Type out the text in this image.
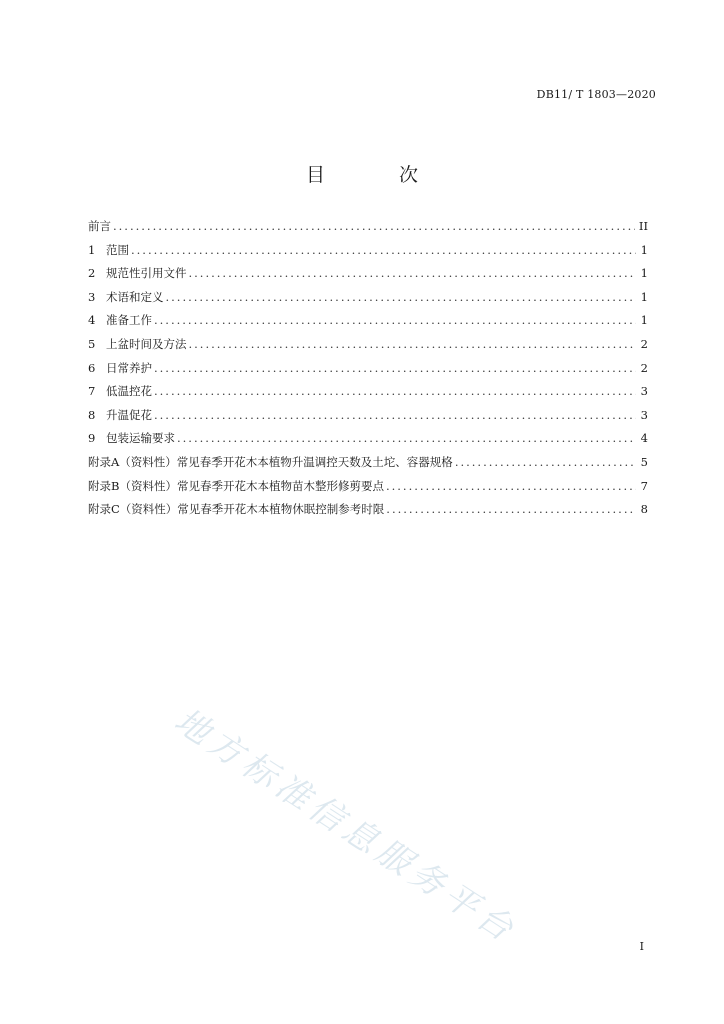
DB11/ T 1803—2020
目 次
前言 .....	II
1 范围 .....	1
2 规范性引用文件 .....	1
3 术语和定义 .....	1
4 准备工作 .....	1
5 上盆时间及方法 .....	2
6 日常养护 .....	2
7 低温控花 .....	3
8 升温促花 .....	3
9 包装运输要求 .....	4
附录A（资料性）常见春季开花木本植物升温调控天数及土坨、容器规格 .....	5
附录B（资料性）常见春季开花木本植物苗木整形修剪要点 .....	7
附录C（资料性）常见春季开花木本植物休眠控制参考时限 .....	8
地方标准信息服务平台	I
